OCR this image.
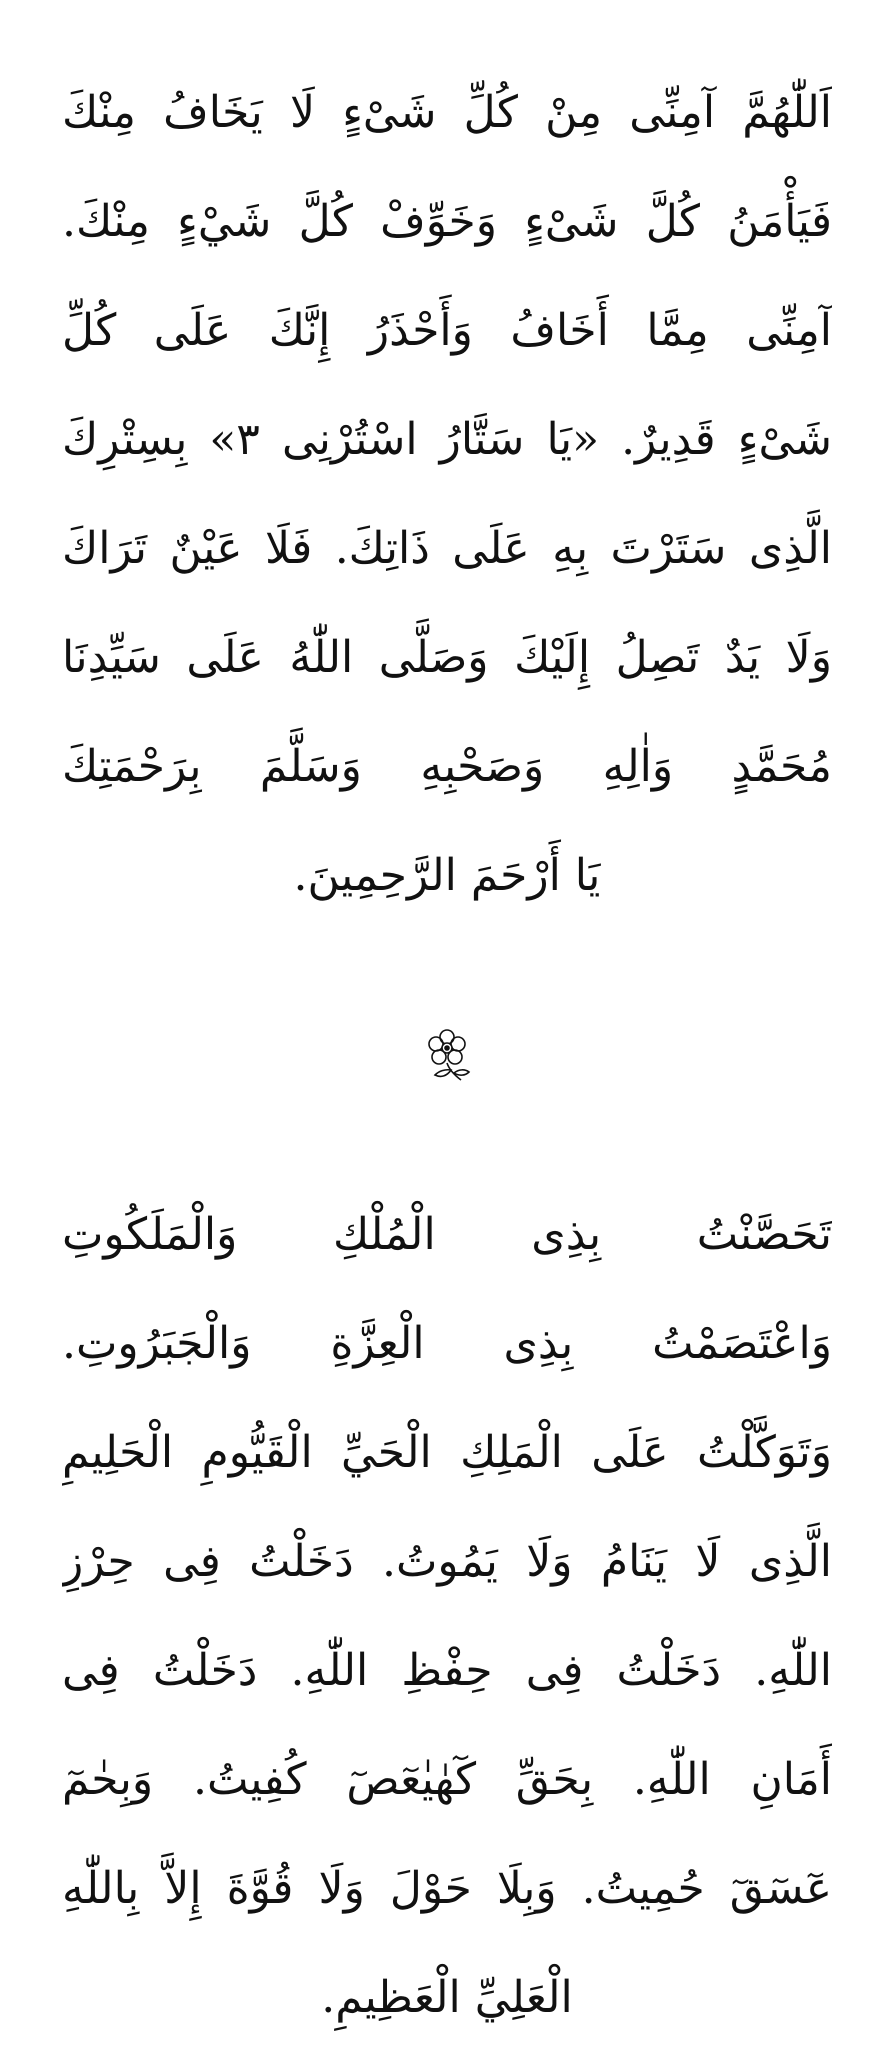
اَللّٰهُمَّ آمِنِّى مِنْ كُلِّ شَىْءٍ لَا يَخَافُ مِنْكَ
فَيَأْمَنُ كُلَّ شَىْءٍ وَخَوِّفْ كُلَّ شَيْءٍ مِنْكَ.
آمِنِّى مِمَّا أَخَافُ وَأَحْذَرُ إِنَّكَ عَلَى كُلِّ
شَىْءٍ قَدِيرٌ. «يَا سَتَّارُ اسْتُرْنِى ٣» بِسِتْرِكَ
الَّذِى سَتَرْتَ بِهِ عَلَى ذَاتِكَ. فَلَا عَيْنٌ تَرَاكَ
وَلَا يَدٌ تَصِلُ إِلَيْكَ وَصَلَّى اللّٰهُ عَلَى سَيِّدِنَا
مُحَمَّدٍ وَاٰلِهِ وَصَحْبِهِ وَسَلَّمَ بِرَحْمَتِكَ
يَا أَرْحَمَ الرَّحِمِينَ.
تَحَصَّنْتُ بِذِى الْمُلْكِ وَالْمَلَكُوتِ
وَاعْتَصَمْتُ بِذِى الْعِزَّةِ وَالْجَبَرُوتِ.
وَتَوَكَّلْتُ عَلَى الْمَلِكِ الْحَيِّ الْقَيُّومِ الْحَلِيمِ
الَّذِى لَا يَنَامُ وَلَا يَمُوتُ. دَخَلْتُ فِى حِرْزِ
اللّٰهِ. دَخَلْتُ فِى حِفْظِ اللّٰهِ. دَخَلْتُ فِى
أَمَانِ اللّٰهِ. بِحَقِّ كٓهٰيٰعٓصٓ كُفِيتُ. وَبِحٰمٓ
عٓسٓقٓ حُمِيتُ. وَبِلَا حَوْلَ وَلَا قُوَّةَ إِلاَّ بِاللّٰهِ
الْعَلِيِّ الْعَظِيمِ.
